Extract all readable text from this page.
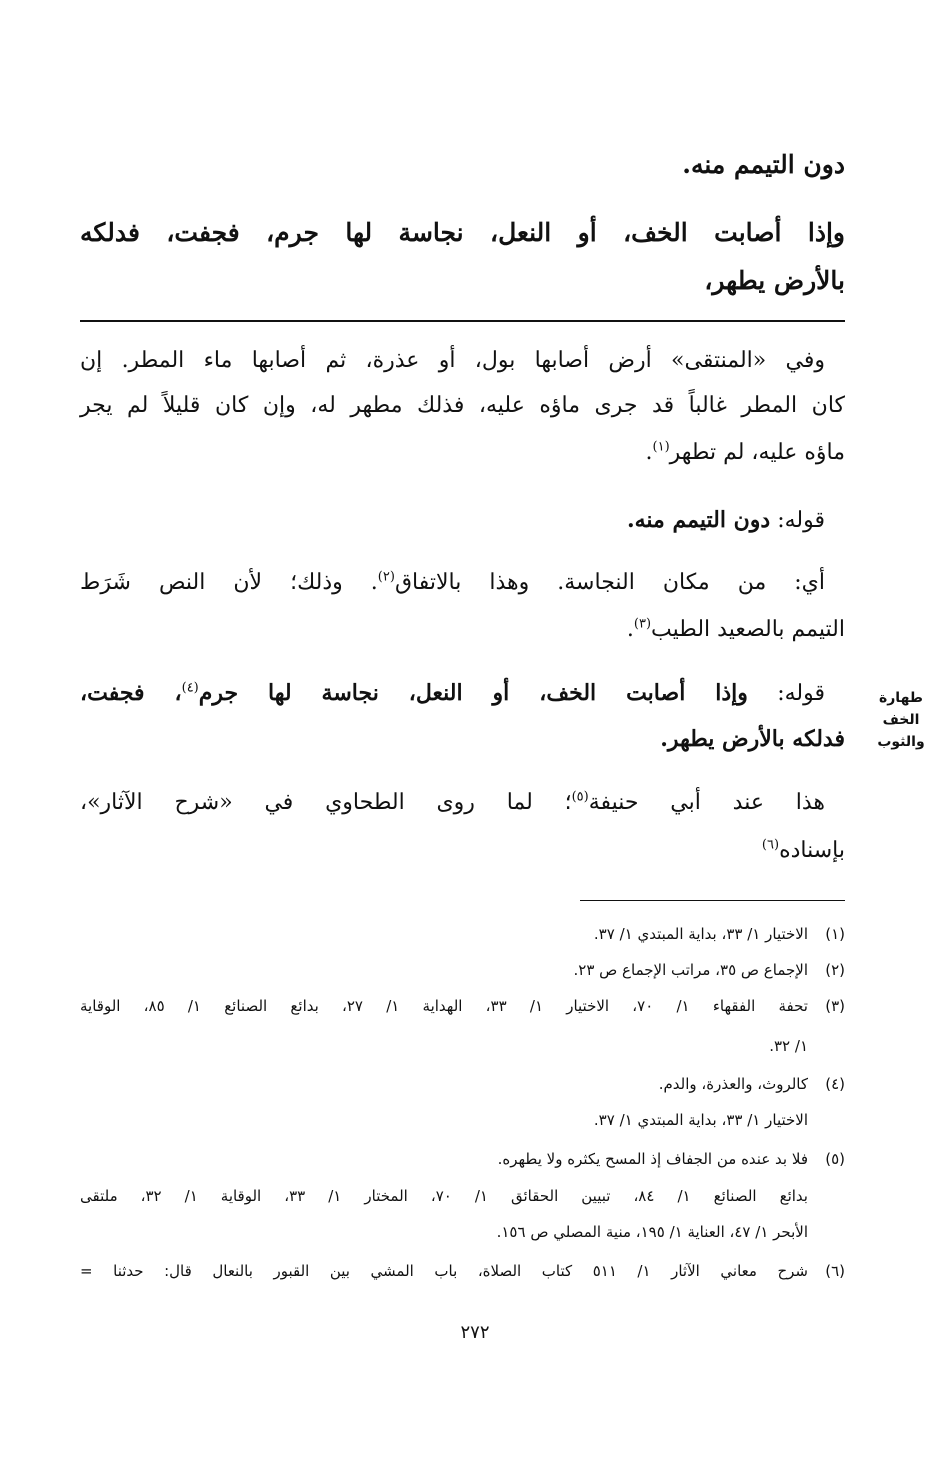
دون التيمم منه.
وإذا أصابت الخف، أو النعل، نجاسة لها جرم، فجفت، فدلكه
بالأرض يطهر،
وفي «المنتقى» أرض أصابها بول، أو عذرة، ثم أصابها ماء المطر. إن
كان المطر غالباً قد جرى ماؤه عليه، فذلك مطهر له، وإن كان قليلاً لم يجر
ماؤه عليه، لم تطهر$^{(١)}$.
قوله: دون التيمم منه.
أي: من مكان النجاسة. وهذا بالاتفاق$^{(٢)}$. وذلك؛ لأن النص شَرَط
التيمم بالصعيد الطيب$^{(٣)}$.
قوله: وإذا أصابت الخف، أو النعل، نجاسة لها جرم$^{(٤)}$، فجفت،
فدلكه بالأرض يطهر.
طهارة
الخف
والثوب
هذا عند أبي حنيفة$^{(٥)}$؛ لما روى الطحاوي في «شرح الآثار»،
بإسناده$^{(٦)}$
(١)
الاختيار ١/ ٣٣، بداية المبتدي ١/ ٣٧.
(٢)
الإجماع ص ٣٥، مراتب الإجماع ص ٢٣.
(٣)
تحفة الفقهاء ١/ ٧٠، الاختيار ١/ ٣٣، الهداية ١/ ٢٧، بدائع الصنائع ١/ ٨٥، الوقاية
١/ ٣٢.
(٤)
كالروث، والعذرة، والدم.
الاختيار ١/ ٣٣، بداية المبتدي ١/ ٣٧.
(٥)
فلا بد عنده من الجفاف إذ المسح يكثره ولا يطهره.
بدائع الصنائع ١/ ٨٤، تبيين الحقائق ١/ ٧٠، المختار ١/ ٣٣، الوقاية ١/ ٣٢، ملتقى
الأبحر ١/ ٤٧، العناية ١/ ١٩٥، منية المصلي ص ١٥٦.
(٦)
شرح معاني الآثار ١/ ٥١١ كتاب الصلاة، باب المشي بين القبور بالنعال قال: حدثنا =
٢٧٢
